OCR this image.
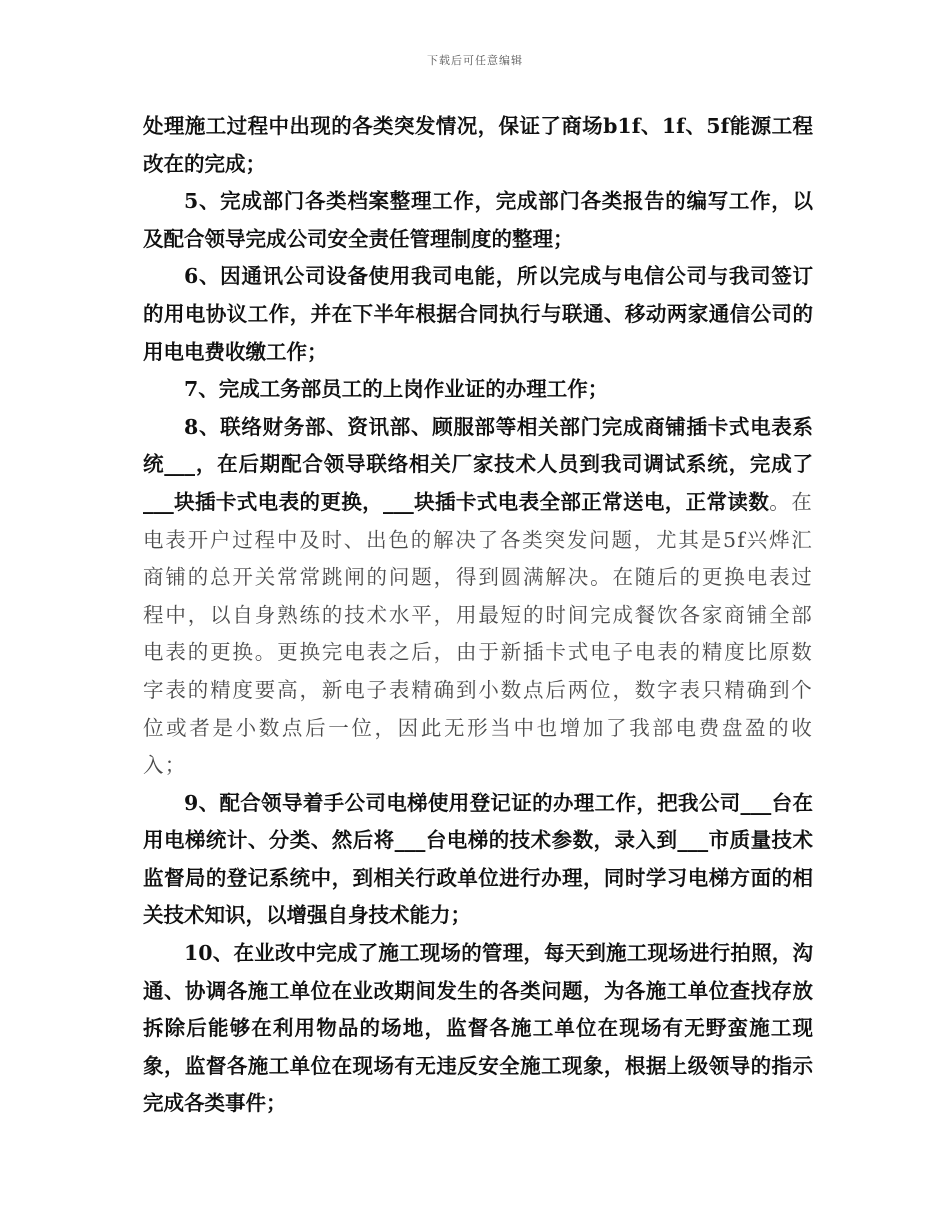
下载后可任意编辑

处理施工过程中出现的各类突发情况，保证了商场b1f、1f、5f能源工程改在的完成；

5、完成部门各类档案整理工作，完成部门各类报告的编写工作，以及配合领导完成公司安全责任管理制度的整理；

6、因通讯公司设备使用我司电能，所以完成与电信公司与我司签订的用电协议工作，并在下半年根据合同执行与联通、移动两家通信公司的用电电费收缴工作；

7、完成工务部员工的上岗作业证的办理工作；

8、联络财务部、资讯部、顾服部等相关部门完成商铺插卡式电表系统___，在后期配合领导联络相关厂家技术人员到我司调试系统，完成了___块插卡式电表的更换，___块插卡式电表全部正常送电，正常读数。在电表开户过程中及时、出色的解决了各类突发问题，尤其是5f兴烨汇商铺的总开关常常跳闸的问题，得到圆满解决。在随后的更换电表过程中，以自身熟练的技术水平，用最短的时间完成餐饮各家商铺全部电表的更换。更换完电表之后，由于新插卡式电子电表的精度比原数字表的精度要高，新电子表精确到小数点后两位，数字表只精确到个位或者是小数点后一位，因此无形当中也增加了我部电费盘盈的收入；

9、配合领导着手公司电梯使用登记证的办理工作，把我公司___台在用电梯统计、分类、然后将___台电梯的技术参数，录入到___市质量技术监督局的登记系统中，到相关行政单位进行办理，同时学习电梯方面的相关技术知识，以增强自身技术能力；

10、在业改中完成了施工现场的管理，每天到施工现场进行拍照，沟通、协调各施工单位在业改期间发生的各类问题，为各施工单位查找存放拆除后能够在利用物品的场地，监督各施工单位在现场有无野蛮施工现象，监督各施工单位在现场有无违反安全施工现象，根据上级领导的指示完成各类事件；
